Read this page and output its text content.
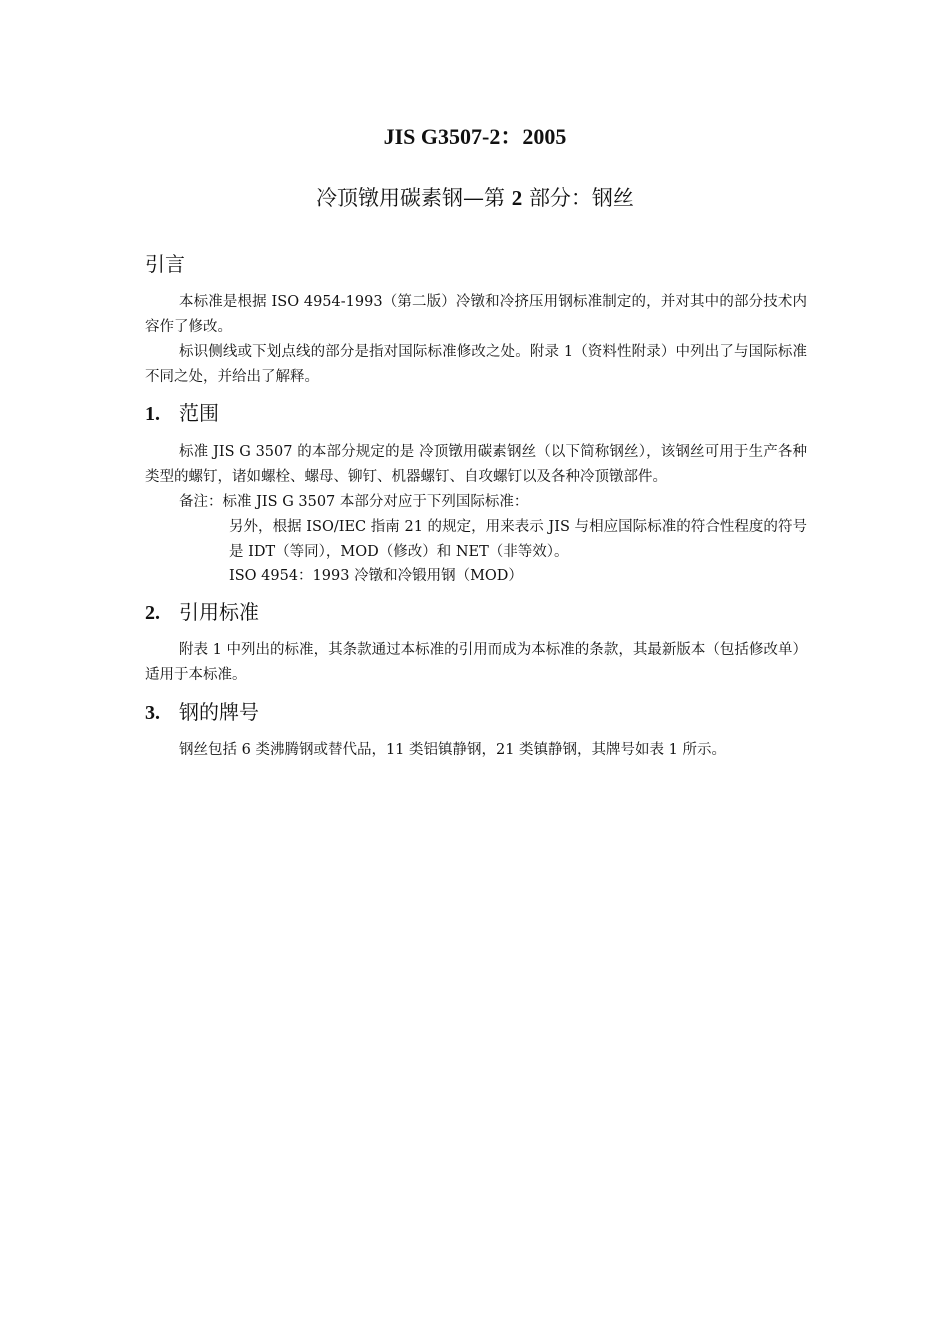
JIS G3507-2：2005
冷顶镦用碳素钢—第 2 部分：钢丝
引言

本标准是根据 ISO 4954-1993（第二版）冷镦和冷挤压用钢标准制定的，并对其中的部分技术内容作了修改。

标识侧线或下划点线的部分是指对国际标准修改之处。附录 1（资料性附录）中列出了与国际标准不同之处，并给出了解释。

1. 范围

标准 JIS G 3507 的本部分规定的是 冷顶镦用碳素钢丝（以下简称钢丝），该钢丝可用于生产各种类型的螺钉，诸如螺栓、螺母、铆钉、机器螺钉、自攻螺钉以及各种冷顶镦部件。

备注：标准 JIS G 3507 本部分对应于下列国际标准：

另外，根据 ISO/IEC 指南 21 的规定，用来表示 JIS 与相应国际标准的符合性程度的符号是 IDT（等同），MOD（修改）和 NET（非等效）。

ISO 4954：1993 冷镦和冷锻用钢（MOD）

2. 引用标准

附表 1 中列出的标准，其条款通过本标准的引用而成为本标准的条款，其最新版本（包括修改单）适用于本标准。

3. 钢的牌号

钢丝包括 6 类沸腾钢或替代品，11 类铝镇静钢，21 类镇静钢，其牌号如表 1 所示。
